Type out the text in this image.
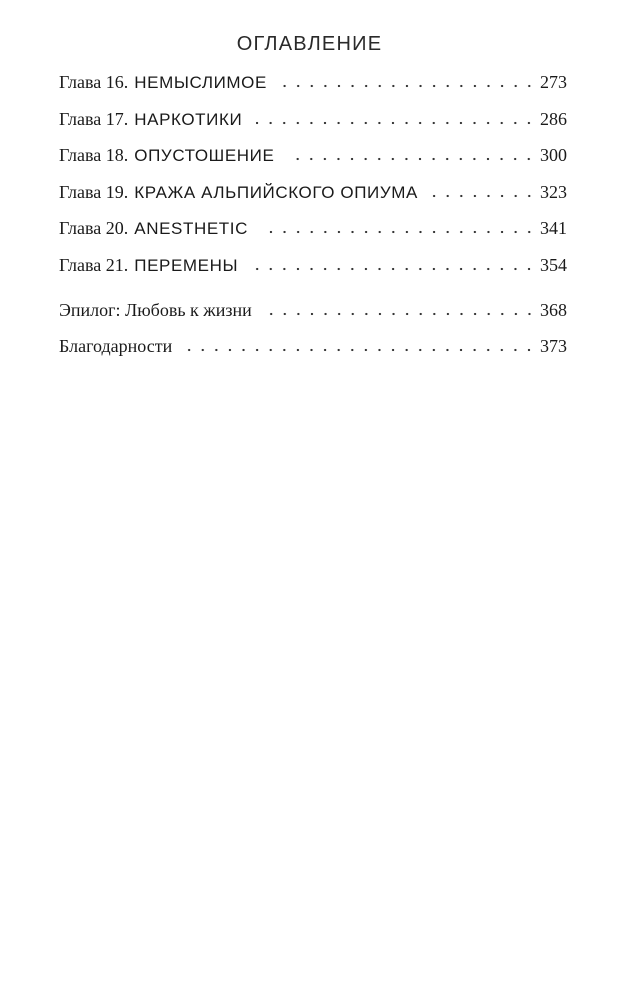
ОГЛАВЛЕНИЕ
Глава 16. НЕМЫСЛИМОЕ	273
Глава 17. НАРКОТИКИ	286
Глава 18. ОПУСТОШЕНИЕ	300
Глава 19. КРАЖА АЛЬПИЙСКОГО ОПИУМА	323
Глава 20. ANESTHETIC	341
Глава 21. ПЕРЕМЕНЫ	354
Эпилог: Любовь к жизни	368
Благодарности	373
